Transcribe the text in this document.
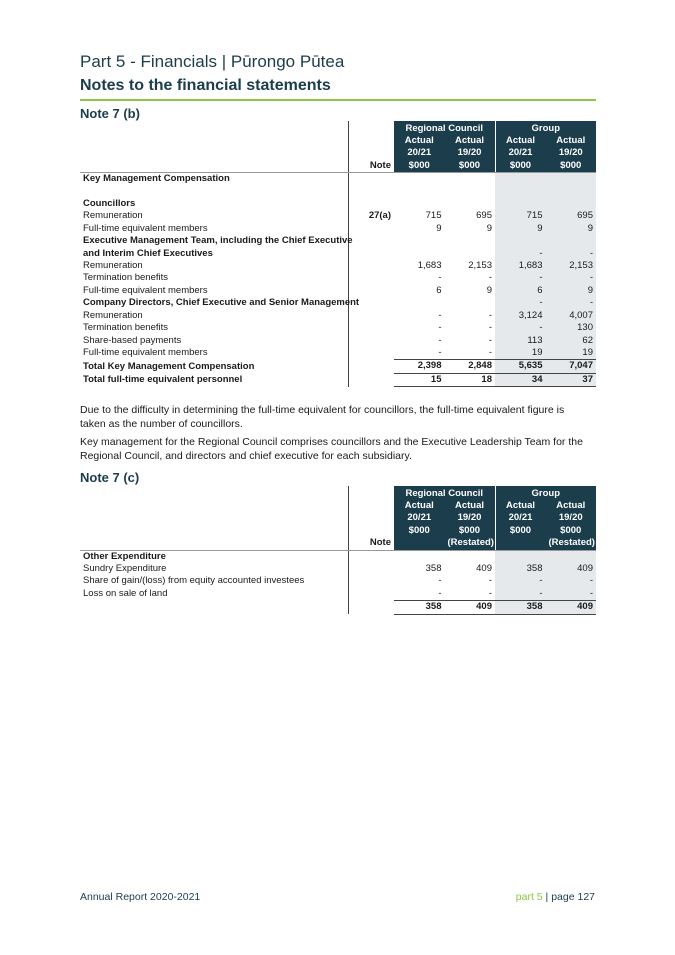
Part 5 - Financials | Pūrongo Pūtea
Notes to the financial statements
Note 7 (b)
		Regional Council		Group	
		Actual	Actual	Actual	Actual
		20/21	19/20	20/21	19/20
	Note	$000	$000	$000	$000
Key Management Compensation					

Councillors					
Remuneration	27(a)	715	695	715	695
Full-time equivalent members		9	9	9	9
Executive Management Team, including the Chief Executive					
and Interim Chief Executives				-	-
Remuneration		1,683	2,153	1,683	2,153
Termination benefits		-	-	-	-
Full-time equivalent members		6	9	6	9
Company Directors, Chief Executive and Senior Management				-	-
Remuneration		-	-	3,124	4,007
Termination benefits		-	-	-	130
Share-based payments		-	-	113	62
Full-time equivalent members		-	-	19	19
Total Key Management Compensation		2,398	2,848	5,635	7,047
Total full-time equivalent personnel		15	18	34	37

Due to the difficulty in determining the full-time equivalent for councillors, the full-time equivalent figure is taken as the number of councillors.

Key management for the Regional Council comprises councillors and the Executive Leadership Team for the Regional Council, and directors and chief executive for each subsidiary.

Note 7 (c)
		Regional Council		Group	
		Actual	Actual	Actual	Actual
		20/21	19/20	20/21	19/20
		$000	$000	$000	$000
	Note		(Restated)		(Restated)
Other Expenditure					
Sundry Expenditure		358	409	358	409
Share of gain/(loss) from equity accounted investees		-	-	-	-
Loss on sale of land		-	-	-	-
		358	409	358	409
Annual Report 2020-2021	part 5 | page 127
